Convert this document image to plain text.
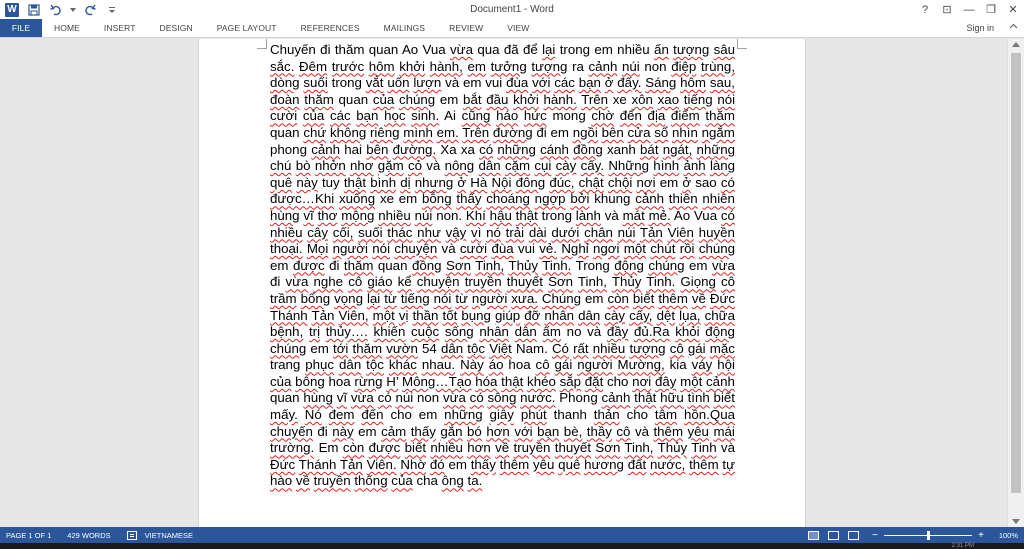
W	Document1 - Word	?	⊡	—	❐	✕
FILE	HOME	INSERT	DESIGN	PAGE LAYOUT	REFERENCES	MAILINGS	REVIEW	VIEW	Sign in
Chuyến đi thăm quan Ao Vua vừa qua đã để lại trong em nhiều ấn tượng sâu sắc. Đêm trước hôm khởi hành, em tưởng tượng ra cảnh núi non điệp trùng, dòng suối trong vắt uốn lượn và em vui đùa với các bạn ở đấy. Sáng hôm sau, đoàn thăm quan của chúng em bắt đầu khởi hành. Trên xe xôn xao tiếng nói cười của các bạn học sinh. Ai cũng háo hức mong chờ đến địa điểm thăm quan chứ không riêng mình em. Trên đường đi em ngồi bên cửa sổ nhìn ngắm phong cảnh hai bên đường. Xa xa có những cánh đồng xanh bát ngát, những chú bò nhởn nhơ gặm cỏ và nông dân cặm cụi cày cấy. Những hình ảnh làng quê này tuy thật bình dị nhưng ở Hà Nội đông đúc, chật chội nơi em ở sao có được…Khi xuống xe em bỗng thấy choáng ngợp bởi khung cảnh thiên nhiên hùng vĩ thơ mộng nhiều núi non. Khí hậu thật trong lành và mát mẻ. Ao Vua có nhiều cây cối, suối thác như vậy vì nó trải dài dưới chân núi Tản Viên huyền thoại. Mọi người nói chuyện và cười đùa vui vẻ. Nghỉ ngơi một chút rồi chúng em được đi thăm quan đồng Sơn Tinh, Thủy Tinh. Trong động chúng em vừa đi vừa nghe cô giáo kể chuyện truyền thuyết Sơn Tinh, Thủy Tinh. Giọng cô trầm bổng vọng lại từ tiếng nói từ người xưa. Chúng em còn biết thêm về Đức Thánh Tản Viên, một vị thần tốt bụng giúp đỡ nhân dân cày cấy, dệt lụa, chữa bệnh, trị thủy…. khiến cuộc sống nhân dân ấm no và đầy đủ.Ra khỏi động chúng em tới thăm vườn 54 dân tộc Việt Nam. Có rất nhiều tượng cô gái mặc trang phục dân tộc khác nhau. Này áo hoa cô gái người Mường, kia váy hội của bông hoa rừng H’ Mông…Tạo hóa thật khéo sắp đặt cho nơi đây một cảnh quan hùng vĩ vừa có núi non vừa có sông nước. Phong cảnh thật hữu tình biết mấy. Nó đem đến cho em những giây phút thanh thản cho tâm hồn.Qua chuyến đi này em cảm thấy gắn bó hơn với bạn bè, thầy cô và thêm yêu mái trường. Em còn được biết nhiều hơn về truyền thuyết Sơn Tinh, Thủy Tinh và Đức Thánh Tản Viên. Nhờ đó em thấy thêm yêu quê hương đất nước, thêm tự hào về truyền thống của cha ông ta.
PAGE 1 OF 1	429 WORDS	VIETNAMESE	−	+	100%
2:31 PM
